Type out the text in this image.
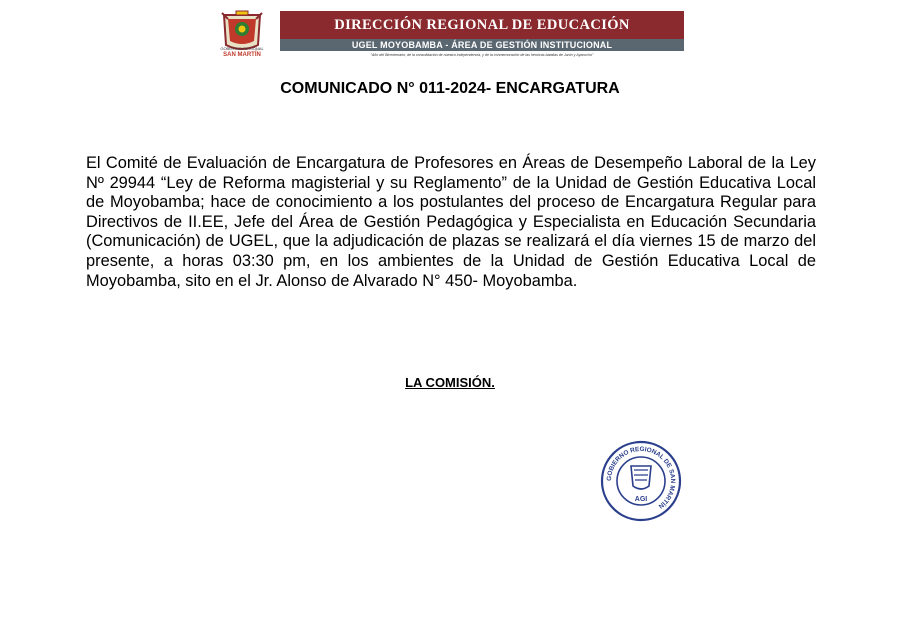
GOBIERNO REGIONAL
SAN MARTÍN
DIRECCIÓN REGIONAL DE EDUCACIÓN
UGEL MOYOBAMBA - ÁREA DE GESTIÓN INSTITUCIONAL
"Año del Bicentenario, de la consolidación de nuestra Independencia, y de la conmemoración de las heroicas batallas de Junín y Ayacucho"
COMUNICADO N° 011-2024- ENCARGATURA

El Comité de Evaluación de Encargatura de Profesores en Áreas de Desempeño Laboral de la Ley Nº 29944 “Ley de Reforma magisterial y su Reglamento” de la Unidad de Gestión Educativa Local de Moyobamba; hace de conocimiento a los postulantes del proceso de Encargatura Regular para Directivos de II.EE, Jefe del Área de Gestión Pedagógica y Especialista en Educación Secundaria (Comunicación) de UGEL, que la adjudicación de plazas se realizará el día viernes 15 de marzo del presente, a horas 03:30 pm, en los ambientes de la Unidad de Gestión Educativa Local de Moyobamba, sito en el Jr. Alonso de Alvarado N° 450- Moyobamba.

LA COMISIÓN.
GOBIERNO REGIONAL DE SAN MARTÍN
AGI
